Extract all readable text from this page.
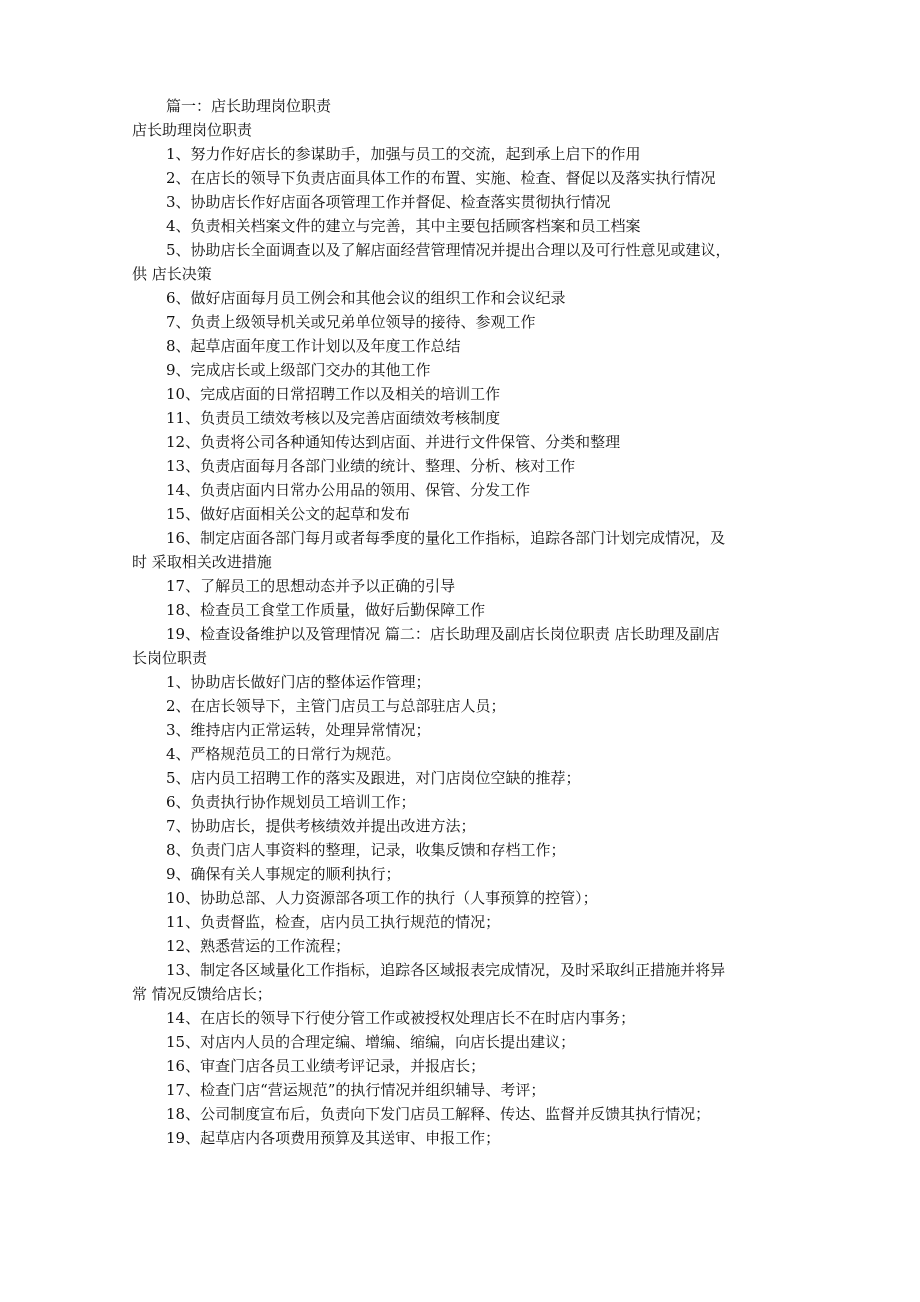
篇一：店长助理岗位职责
店长助理岗位职责
1、努力作好店长的参谋助手，加强与员工的交流，起到承上启下的作用
2、在店长的领导下负责店面具体工作的布置、实施、检查、督促以及落实执行情况
3、协助店长作好店面各项管理工作并督促、检查落实贯彻执行情况
4、负责相关档案文件的建立与完善，其中主要包括顾客档案和员工档案
5、协助店长全面调查以及了解店面经营管理情况并提出合理以及可行性意见或建议，
供 店长决策
6、做好店面每月员工例会和其他会议的组织工作和会议纪录
7、负责上级领导机关或兄弟单位领导的接待、参观工作
8、起草店面年度工作计划以及年度工作总结
9、完成店长或上级部门交办的其他工作
10、完成店面的日常招聘工作以及相关的培训工作
11、负责员工绩效考核以及完善店面绩效考核制度
12、负责将公司各种通知传达到店面、并进行文件保管、分类和整理
13、负责店面每月各部门业绩的统计、整理、分析、核对工作
14、负责店面内日常办公用品的领用、保管、分发工作
15、做好店面相关公文的起草和发布
16、制定店面各部门每月或者每季度的量化工作指标，追踪各部门计划完成情况，及
时 采取相关改进措施
17、了解员工的思想动态并予以正确的引导
18、检查员工食堂工作质量，做好后勤保障工作
19、检查设备维护以及管理情况 篇二：店长助理及副店长岗位职责 店长助理及副店
长岗位职责
1、协助店长做好门店的整体运作管理；
2、在店长领导下，主管门店员工与总部驻店人员；
3、维持店内正常运转，处理异常情况；
4、严格规范员工的日常行为规范。
5、店内员工招聘工作的落实及跟进，对门店岗位空缺的推荐；
6、负责执行协作规划员工培训工作；
7、协助店长，提供考核绩效并提出改进方法；
8、负责门店人事资料的整理，记录，收集反馈和存档工作；
9、确保有关人事规定的顺利执行；
10、协助总部、人力资源部各项工作的执行（人事预算的控管）；
11、负责督监，检查，店内员工执行规范的情况；
12、熟悉营运的工作流程；
13、制定各区域量化工作指标，追踪各区域报表完成情况，及时采取纠正措施并将异
常 情况反馈给店长；
14、在店长的领导下行使分管工作或被授权处理店长不在时店内事务；
15、对店内人员的合理定编、增编、缩编，向店长提出建议；
16、审查门店各员工业绩考评记录，并报店长；
17、检查门店“营运规范”的执行情况并组织辅导、考评；
18、公司制度宣布后，负责向下发门店员工解释、传达、监督并反馈其执行情况；
19、起草店内各项费用预算及其送审、申报工作；
